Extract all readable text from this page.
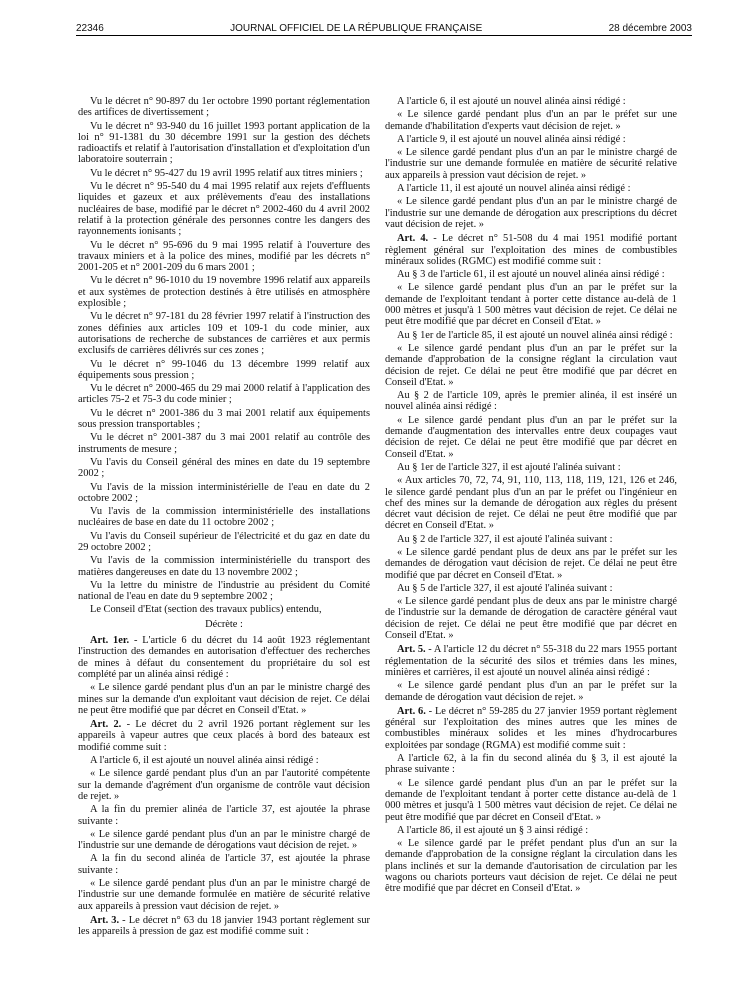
22346	JOURNAL OFFICIEL DE LA RÉPUBLIQUE FRANÇAISE	28 décembre 2003

Vu le décret n° 90-897 du 1er octobre 1990 portant réglementation des artifices de divertissement ;

Vu le décret n° 93-940 du 16 juillet 1993 portant application de la loi n° 91-1381 du 30 décembre 1991 sur la gestion des déchets radioactifs et relatif à l'autorisation d'installation et d'exploitation d'un laboratoire souterrain ;

Vu le décret n° 95-427 du 19 avril 1995 relatif aux titres miniers ;

Vu le décret n° 95-540 du 4 mai 1995 relatif aux rejets d'effluents liquides et gazeux et aux prélèvements d'eau des installations nucléaires de base, modifié par le décret n° 2002-460 du 4 avril 2002 relatif à la protection générale des personnes contre les dangers des rayonnements ionisants ;

Vu le décret n° 95-696 du 9 mai 1995 relatif à l'ouverture des travaux miniers et à la police des mines, modifié par les décrets n° 2001-205 et n° 2001-209 du 6 mars 2001 ;

Vu le décret n° 96-1010 du 19 novembre 1996 relatif aux appareils et aux systèmes de protection destinés à être utilisés en atmosphère explosible ;

Vu le décret n° 97-181 du 28 février 1997 relatif à l'instruction des zones définies aux articles 109 et 109-1 du code minier, aux autorisations de recherche de substances de carrières et aux permis exclusifs de carrières délivrés sur ces zones ;

Vu le décret n° 99-1046 du 13 décembre 1999 relatif aux équipements sous pression ;

Vu le décret n° 2000-465 du 29 mai 2000 relatif à l'application des articles 75-2 et 75-3 du code minier ;

Vu le décret n° 2001-386 du 3 mai 2001 relatif aux équipements sous pression transportables ;

Vu le décret n° 2001-387 du 3 mai 2001 relatif au contrôle des instruments de mesure ;

Vu l'avis du Conseil général des mines en date du 19 septembre 2002 ;

Vu l'avis de la mission interministérielle de l'eau en date du 2 octobre 2002 ;

Vu l'avis de la commission interministérielle des installations nucléaires de base en date du 11 octobre 2002 ;

Vu l'avis du Conseil supérieur de l'électricité et du gaz en date du 29 octobre 2002 ;

Vu l'avis de la commission interministérielle du transport des matières dangereuses en date du 13 novembre 2002 ;

Vu la lettre du ministre de l'industrie au président du Comité national de l'eau en date du 9 septembre 2002 ;

Le Conseil d'Etat (section des travaux publics) entendu,

Décrète :

Art. 1er. - L'article 6 du décret du 14 août 1923 réglementant l'instruction des demandes en autorisation d'effectuer des recherches de mines à défaut du consentement du propriétaire du sol est complété par un alinéa ainsi rédigé :

« Le silence gardé pendant plus d'un an par le ministre chargé des mines sur la demande d'un exploitant vaut décision de rejet. Ce délai ne peut être modifié que par décret en Conseil d'Etat. »

Art. 2. - Le décret du 2 avril 1926 portant règlement sur les appareils à vapeur autres que ceux placés à bord des bateaux est modifié comme suit :

A l'article 6, il est ajouté un nouvel alinéa ainsi rédigé :

« Le silence gardé pendant plus d'un an par l'autorité compétente sur la demande d'agrément d'un organisme de contrôle vaut décision de rejet. »

A la fin du premier alinéa de l'article 37, est ajoutée la phrase suivante :

« Le silence gardé pendant plus d'un an par le ministre chargé de l'industrie sur une demande de dérogations vaut décision de rejet. »

A la fin du second alinéa de l'article 37, est ajoutée la phrase suivante :

« Le silence gardé pendant plus d'un an par le ministre chargé de l'industrie sur une demande formulée en matière de sécurité relative aux appareils à pression vaut décision de rejet. »

Art. 3. - Le décret n° 63 du 18 janvier 1943 portant règlement sur les appareils à pression de gaz est modifié comme suit :

A l'article 6, il est ajouté un nouvel alinéa ainsi rédigé :

« Le silence gardé pendant plus d'un an par le préfet sur une demande d'habilitation d'experts vaut décision de rejet. »

A l'article 9, il est ajouté un nouvel alinéa ainsi rédigé :

« Le silence gardé pendant plus d'un an par le ministre chargé de l'industrie sur une demande formulée en matière de sécurité relative aux appareils à pression vaut décision de rejet. »

A l'article 11, il est ajouté un nouvel alinéa ainsi rédigé :

« Le silence gardé pendant plus d'un an par le ministre chargé de l'industrie sur une demande de dérogation aux prescriptions du décret vaut décision de rejet. »

Art. 4. - Le décret n° 51-508 du 4 mai 1951 modifié portant règlement général sur l'exploitation des mines de combustibles minéraux solides (RGMC) est modifié comme suit :

Au § 3 de l'article 61, il est ajouté un nouvel alinéa ainsi rédigé :

« Le silence gardé pendant plus d'un an par le préfet sur la demande de l'exploitant tendant à porter cette distance au-delà de 1 000 mètres et jusqu'à 1 500 mètres vaut décision de rejet. Ce délai ne peut être modifié que par décret en Conseil d'Etat. »

Au § 1er de l'article 85, il est ajouté un nouvel alinéa ainsi rédigé :

« Le silence gardé pendant plus d'un an par le préfet sur la demande d'approbation de la consigne réglant la circulation vaut décision de rejet. Ce délai ne peut être modifié que par décret en Conseil d'Etat. »

Au § 2 de l'article 109, après le premier alinéa, il est inséré un nouvel alinéa ainsi rédigé :

« Le silence gardé pendant plus d'un an par le préfet sur la demande d'augmentation des intervalles entre deux coupages vaut décision de rejet. Ce délai ne peut être modifié que par décret en Conseil d'Etat. »

Au § 1er de l'article 327, il est ajouté l'alinéa suivant :

« Aux articles 70, 72, 74, 91, 110, 113, 118, 119, 121, 126 et 246, le silence gardé pendant plus d'un an par le préfet ou l'ingénieur en chef des mines sur la demande de dérogation aux règles du présent décret vaut décision de rejet. Ce délai ne peut être modifié que par décret en Conseil d'Etat. »

Au § 2 de l'article 327, il est ajouté l'alinéa suivant :

« Le silence gardé pendant plus de deux ans par le préfet sur les demandes de dérogation vaut décision de rejet. Ce délai ne peut être modifié que par décret en Conseil d'Etat. »

Au § 5 de l'article 327, il est ajouté l'alinéa suivant :

« Le silence gardé pendant plus de deux ans par le ministre chargé de l'industrie sur la demande de dérogation de caractère général vaut décision de rejet. Ce délai ne peut être modifié que par décret en Conseil d'Etat. »

Art. 5. - A l'article 12 du décret n° 55-318 du 22 mars 1955 portant réglementation de la sécurité des silos et trémies dans les mines, minières et carrières, il est ajouté un nouvel alinéa ainsi rédigé :

« Le silence gardé pendant plus d'un an par le préfet sur la demande de dérogation vaut décision de rejet. »

Art. 6. - Le décret n° 59-285 du 27 janvier 1959 portant règlement général sur l'exploitation des mines autres que les mines de combustibles minéraux solides et les mines d'hydrocarbures exploitées par sondage (RGMA) est modifié comme suit :

A l'article 62, à la fin du second alinéa du § 3, il est ajouté la phrase suivante :

« Le silence gardé pendant plus d'un an par le préfet sur la demande de l'exploitant tendant à porter cette distance au-delà de 1 000 mètres et jusqu'à 1 500 mètres vaut décision de rejet. Ce délai ne peut être modifié que par décret en Conseil d'Etat. »

A l'article 86, il est ajouté un § 3 ainsi rédigé :

« Le silence gardé par le préfet pendant plus d'un an sur la demande d'approbation de la consigne réglant la circulation dans les plans inclinés et sur la demande d'autorisation de circulation par les wagons ou chariots porteurs vaut décision de rejet. Ce délai ne peut être modifié que par décret en Conseil d'Etat. »
